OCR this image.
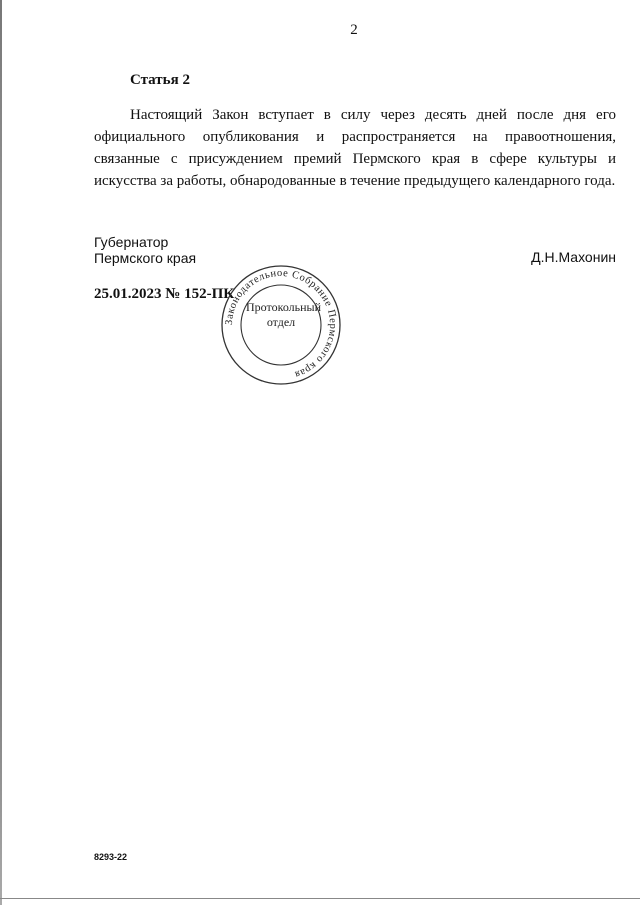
2
Статья 2

Настоящий Закон вступает в силу через десять дней после дня его официального опубликования и распространяется на правоотношения, связанные с присуждением премий Пермского края в сфере культуры и искусства за работы, обнародованные в течение предыдущего календарного года.

Губернатор
Пермского края	Д.Н.Махонин
25.01.2023 № 152-ПК
Законодательное Собрание Пермского края
Протокольный
отдел
8293-22
